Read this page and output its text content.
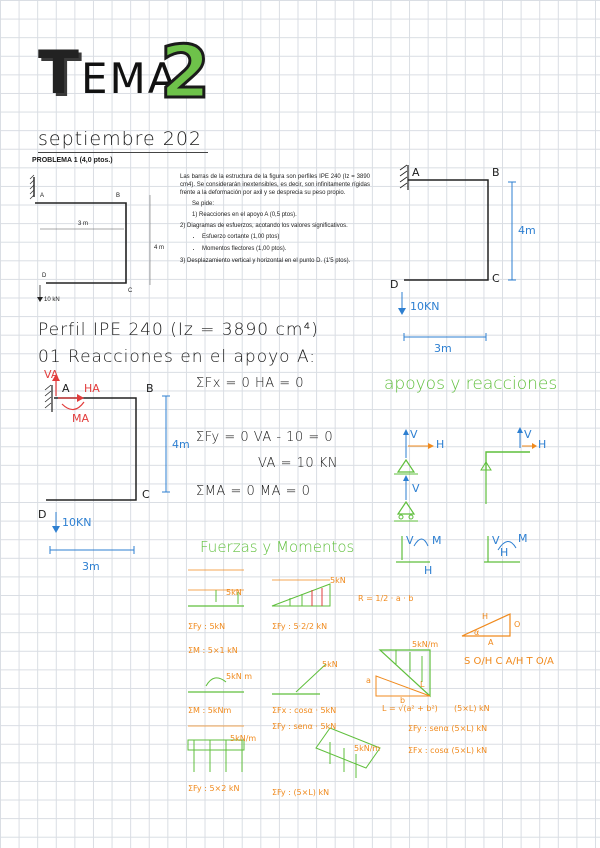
TEMA
2
septiembre 202
PROBLEMA 1 (4,0 ptos.)
A	B
C
D
3 m
4 m
10 kN

Las barras de la estructura de la figura son perfiles IPE 240 (Iz = 3890 cm4). Se considerarán inextensibles, es decir, son infinitamente rígidas frente a la deformación por axil y se desprecia su peso propio.

Se pide:

1) Reacciones en el apoyo A (0,5 ptos).

2) Diagramas de esfuerzos, acotando los valores significativos.

• Esfuerzo cortante (1,00 ptos)
• Momentos flectores (1,00 ptos).

3) Desplazamiento vertical y horizontal en el punto D. (1'5 ptos).

A	B
C
D
4m
3m
10KN
Perfil IPE 240 (Iz = 3890 cm⁴)
01 Reacciones en el apoyo A:
VA
HA
MA
A	B
C
D
4m
3m
10KN
ΣFx = 0 HA = 0
ΣFy = 0 VA - 10 = 0
VA = 10 KN
ΣMA = 0 MA = 0
apoyos y reacciones
V
H
V
V
H
V M
H
V M
H
Fuerzas y Momentos
5kN
5kN
R = 1/2 · a · b
ΣFy : 5kN	ΣFy : 5·2/2 kN
ΣM : 5×1 kN
5kN m
ΣM : 5kNm
5kN
ΣFx : cosα · 5kN
ΣFy : senα · 5kN
5kN/m
ΣFy : 5×2 kN
5kN/m
ΣFy : (5×L) kN
5kN/m
L = √(a² + b²) (5×L) kN
ΣFy : senα (5×L) kN
ΣFx : cosα (5×L) kN
S O/H C A/H T O/A
H
O
A
α
a
b
L
